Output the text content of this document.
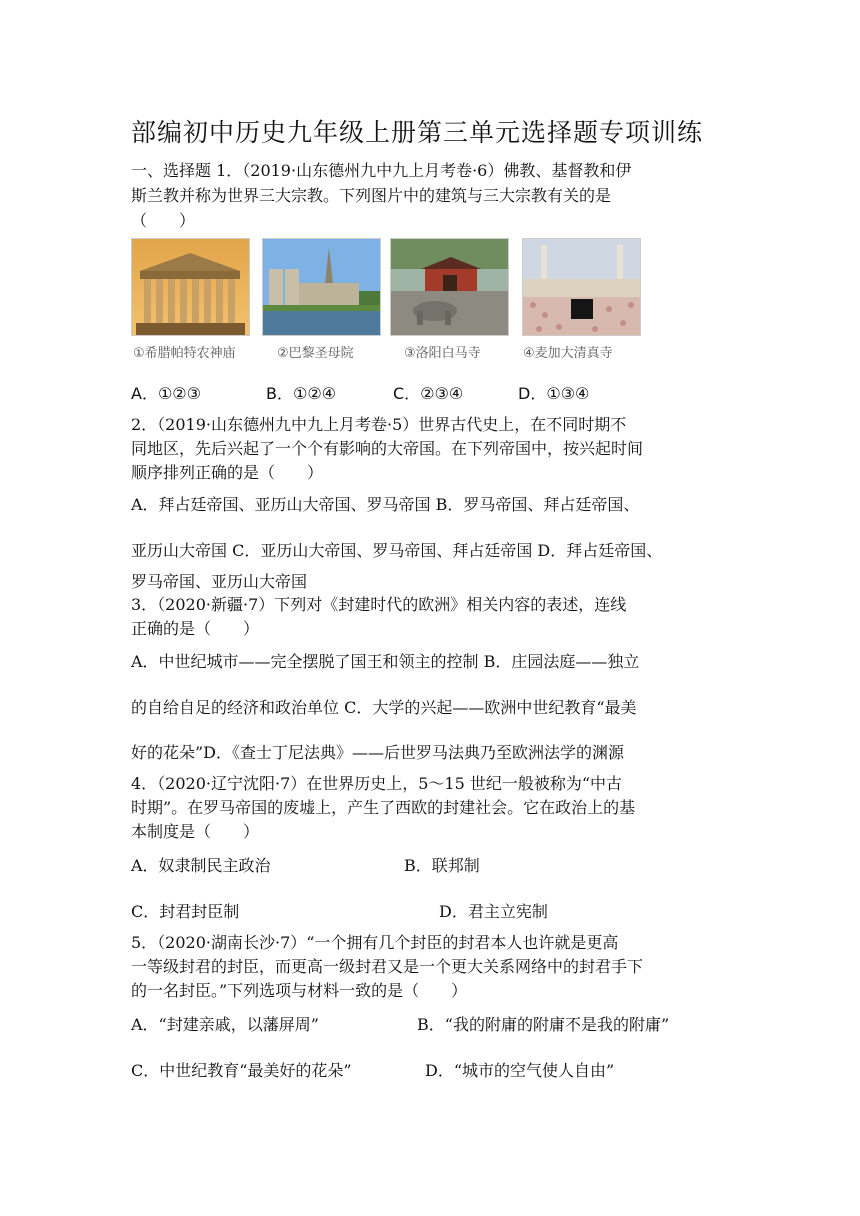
部编初中历史九年级上册第三单元选择题专项训练
一、选择题 1．（2019·山东德州九中九上月考卷·6）佛教、基督教和伊
斯兰教并称为世界三大宗教。下列图片中的建筑与三大宗教有关的是
（　　）
①希腊帕特农神庙	②巴黎圣母院	③洛阳白马寺	④麦加大清真寺
A．①②③	B．①②④	C．②③④	D．①③④
2．（2019·山东德州九中九上月考卷·5）世界古代史上，在不同时期不
同地区，先后兴起了一个个有影响的大帝国。在下列帝国中，按兴起时间
顺序排列正确的是（　　）
A．拜占廷帝国、亚历山大帝国、罗马帝国 B．罗马帝国、拜占廷帝国、
亚历山大帝国 C．亚历山大帝国、罗马帝国、拜占廷帝国 D．拜占廷帝国、
罗马帝国、亚历山大帝国
3．（2020·新疆·7）下列对《封建时代的欧洲》相关内容的表述，连线
正确的是（　　）
A．中世纪城市——完全摆脱了国王和领主的控制 B．庄园法庭——独立
的自给自足的经济和政治单位 C．大学的兴起——欧洲中世纪教育“最美
好的花朵”D．《查士丁尼法典》——后世罗马法典乃至欧洲法学的渊源
4．（2020·辽宁沈阳·7）在世界历史上，5～15 世纪一般被称为“中古
时期”。在罗马帝国的废墟上，产生了西欧的封建社会。它在政治上的基
本制度是（　　）
A．奴隶制民主政治	B．联邦制
C．封君封臣制	D．君主立宪制
5．（2020·湖南长沙·7）“一个拥有几个封臣的封君本人也许就是更高
一等级封君的封臣，而更高一级封君又是一个更大关系网络中的封君手下
的一名封臣。”下列选项与材料一致的是（　　）
A．“封建亲戚，以藩屏周”	B．“我的附庸的附庸不是我的附庸”
C．中世纪教育“最美好的花朵”	D．“城市的空气使人自由”
